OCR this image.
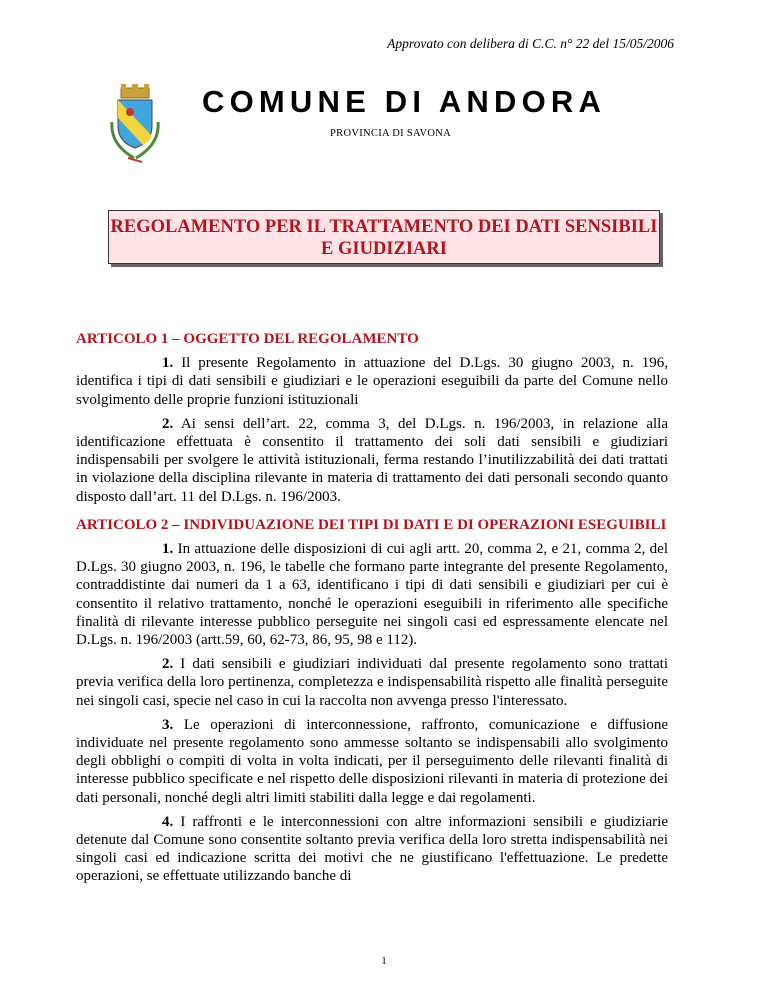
Approvato con delibera di C.C. n° 22 del 15/05/2006
COMUNE DI ANDORA
PROVINCIA DI SAVONA
REGOLAMENTO PER IL TRATTAMENTO DEI DATI SENSIBILI
E GIUDIZIARI
ARTICOLO 1 – OGGETTO DEL REGOLAMENTO

1. Il presente Regolamento in attuazione del D.Lgs. 30 giugno 2003, n. 196, identifica i tipi di dati sensibili e giudiziari e le operazioni eseguibili da parte del Comune nello svolgimento delle proprie funzioni istituzionali

2. Ai sensi dell’art. 22, comma 3, del D.Lgs. n. 196/2003, in relazione alla identificazione effettuata è consentito il trattamento dei soli dati sensibili e giudiziari indispensabili per svolgere le attività istituzionali, ferma restando l’inutilizzabilità dei dati trattati in violazione della disciplina rilevante in materia di trattamento dei dati personali secondo quanto disposto dall’art. 11 del D.Lgs. n. 196/2003.

ARTICOLO 2 – INDIVIDUAZIONE DEI TIPI DI DATI E DI OPERAZIONI ESEGUIBILI

1. In attuazione delle disposizioni di cui agli artt. 20, comma 2, e 21, comma 2, del D.Lgs. 30 giugno 2003, n. 196, le tabelle che formano parte integrante del presente Regolamento, contraddistinte dai numeri da 1 a 63, identificano i tipi di dati sensibili e giudiziari per cui è consentito il relativo trattamento, nonché le operazioni eseguibili in riferimento alle specifiche finalità di rilevante interesse pubblico perseguite nei singoli casi ed espressamente elencate nel D.Lgs. n. 196/2003 (artt.59, 60, 62-73, 86, 95, 98 e 112).

2. I dati sensibili e giudiziari individuati dal presente regolamento sono trattati previa verifica della loro pertinenza, completezza e indispensabilità rispetto alle finalità perseguite nei singoli casi, specie nel caso in cui la raccolta non avvenga presso l'interessato.

3. Le operazioni di interconnessione, raffronto, comunicazione e diffusione individuate nel presente regolamento sono ammesse soltanto se indispensabili allo svolgimento degli obblighi o compiti di volta in volta indicati, per il perseguimento delle rilevanti finalità di interesse pubblico specificate e nel rispetto delle disposizioni rilevanti in materia di protezione dei dati personali, nonché degli altri limiti stabiliti dalla legge e dai regolamenti.

4. I raffronti e le interconnessioni con altre informazioni sensibili e giudiziarie detenute dal Comune sono consentite soltanto previa verifica della loro stretta indispensabilità nei singoli casi ed indicazione scritta dei motivi che ne giustificano l'effettuazione. Le predette operazioni, se effettuate utilizzando banche di

1
